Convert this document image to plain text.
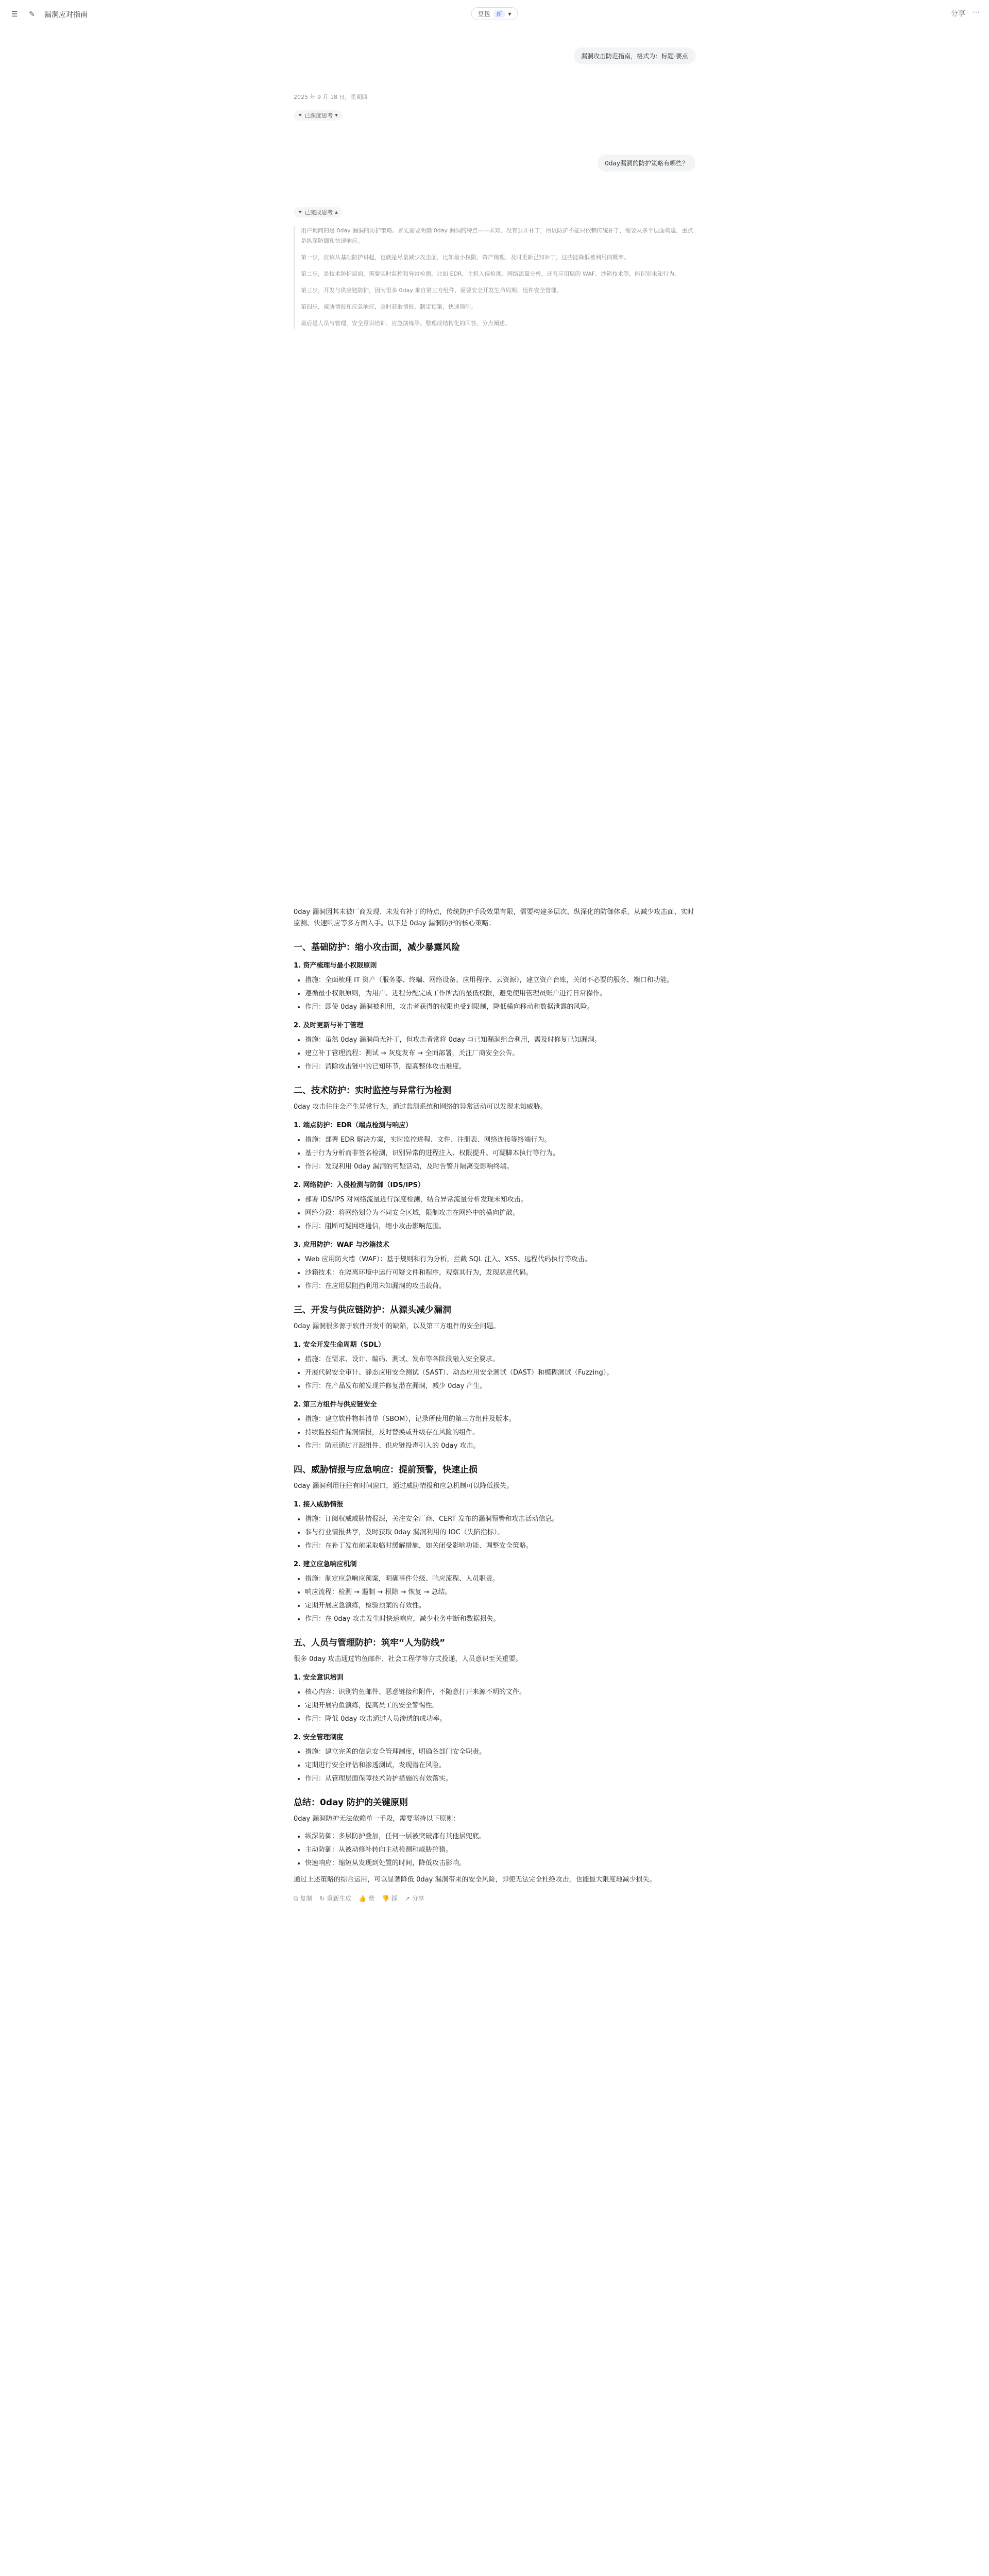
☰ ✎ 漏洞应对指南	豆包	新	▾	分享 ⋯
漏洞攻击防范指南，格式为：标题·要点
2025 年 9 月 18 日，星期四
✦ 已深度思考 ▾
0day漏洞的防护策略有哪些？
✦ 已完成思考 ▴

用户询问的是 0day 漏洞的防护策略。首先需要明确 0day 漏洞的特点——未知、没有公开补丁，所以防护不能只依赖传统补丁，需要从多个层面构建，重点是纵深防御和快速响应。

第一步，应该从基础防护讲起，也就是尽量减少攻击面，比如最小权限、资产梳理、及时更新已知补丁，这些能降低被利用的概率。

第二步，是技术防护层面，需要实时监控和异常检测，比如 EDR、主机入侵检测、网络流量分析，还有应用层的 WAF、沙箱技术等，能识别未知行为。

第三步，开发与供应链防护，因为很多 0day 来自第三方组件，需要安全开发生命周期、组件安全管理。

第四步，威胁情报和应急响应，及时获取情报、制定预案，快速遏制。

最后是人员与管理，安全意识培训、应急演练等。整理成结构化的回答，分点阐述。

0day 漏洞因其未被厂商发现、未发布补丁的特点，传统防护手段效果有限，需要构建多层次、纵深化的防御体系，从减少攻击面、实时监测、快速响应等多方面入手。以下是 0day 漏洞防护的核心策略：

一、基础防护：缩小攻击面，减少暴露风险
1. 资产梳理与最小权限原则
• 措施：全面梳理 IT 资产（服务器、终端、网络设备、应用程序、云资源），建立资产台账，关闭不必要的服务、端口和功能。
• 遵循最小权限原则，为用户、进程分配完成工作所需的最低权限，避免使用管理员账户进行日常操作。
• 作用：即使 0day 漏洞被利用，攻击者获得的权限也受到限制，降低横向移动和数据泄露的风险。
2. 及时更新与补丁管理
• 措施：虽然 0day 漏洞尚无补丁，但攻击者常将 0day 与已知漏洞组合利用，需及时修复已知漏洞。
• 建立补丁管理流程：测试 → 灰度发布 → 全面部署，关注厂商安全公告。
• 作用：消除攻击链中的已知环节，提高整体攻击难度。
二、技术防护：实时监控与异常行为检测

0day 攻击往往会产生异常行为，通过监测系统和网络的异常活动可以发现未知威胁。

1. 端点防护：EDR（端点检测与响应）
• 措施：部署 EDR 解决方案，实时监控进程、文件、注册表、网络连接等终端行为。
• 基于行为分析而非签名检测，识别异常的进程注入、权限提升、可疑脚本执行等行为。
• 作用：发现利用 0day 漏洞的可疑活动，及时告警并隔离受影响终端。
2. 网络防护：入侵检测与防御（IDS/IPS）
• 部署 IDS/IPS 对网络流量进行深度检测，结合异常流量分析发现未知攻击。
• 网络分段：将网络划分为不同安全区域，限制攻击在网络中的横向扩散。
• 作用：阻断可疑网络通信，缩小攻击影响范围。
3. 应用防护：WAF 与沙箱技术
• Web 应用防火墙（WAF）：基于规则和行为分析，拦截 SQL 注入、XSS、远程代码执行等攻击。
• 沙箱技术：在隔离环境中运行可疑文件和程序，观察其行为，发现恶意代码。
• 作用：在应用层阻挡利用未知漏洞的攻击载荷。
三、开发与供应链防护：从源头减少漏洞

0day 漏洞很多源于软件开发中的缺陷，以及第三方组件的安全问题。

1. 安全开发生命周期（SDL）
• 措施：在需求、设计、编码、测试、发布等各阶段融入安全要求。
• 开展代码安全审计、静态应用安全测试（SAST）、动态应用安全测试（DAST）和模糊测试（Fuzzing）。
• 作用：在产品发布前发现并修复潜在漏洞，减少 0day 产生。
2. 第三方组件与供应链安全
• 措施：建立软件物料清单（SBOM），记录所使用的第三方组件及版本。
• 持续监控组件漏洞情报，及时替换或升级存在风险的组件。
• 作用：防范通过开源组件、供应链投毒引入的 0day 攻击。
四、威胁情报与应急响应：提前预警，快速止损

0day 漏洞利用往往有时间窗口，通过威胁情报和应急机制可以降低损失。

1. 接入威胁情报
• 措施：订阅权威威胁情报源，关注安全厂商、CERT 发布的漏洞预警和攻击活动信息。
• 参与行业情报共享，及时获取 0day 漏洞利用的 IOC（失陷指标）。
• 作用：在补丁发布前采取临时缓解措施，如关闭受影响功能、调整安全策略。
2. 建立应急响应机制
• 措施：制定应急响应预案，明确事件分级、响应流程、人员职责。
• 响应流程：检测 → 遏制 → 根除 → 恢复 → 总结。
• 定期开展应急演练，检验预案的有效性。
• 作用：在 0day 攻击发生时快速响应，减少业务中断和数据损失。
五、人员与管理防护：筑牢“人为防线”

很多 0day 攻击通过钓鱼邮件、社会工程学等方式投递，人员意识至关重要。

1. 安全意识培训
• 核心内容：识别钓鱼邮件、恶意链接和附件，不随意打开来源不明的文件。
• 定期开展钓鱼演练，提高员工的安全警惕性。
• 作用：降低 0day 攻击通过人员渗透的成功率。
2. 安全管理制度
• 措施：建立完善的信息安全管理制度，明确各部门安全职责。
• 定期进行安全评估和渗透测试，发现潜在风险。
• 作用：从管理层面保障技术防护措施的有效落实。
总结：0day 防护的关键原则

0day 漏洞防护无法依赖单一手段，需要坚持以下原则：

• 纵深防御：多层防护叠加，任何一层被突破都有其他层兜底。
• 主动防御：从被动修补转向主动检测和威胁狩猎。
• 快速响应：缩短从发现到处置的时间，降低攻击影响。

通过上述策略的综合运用，可以显著降低 0day 漏洞带来的安全风险，即使无法完全杜绝攻击，也能最大限度地减少损失。

⧉ 复制 ↻ 重新生成 👍 赞 👎 踩 ↗ 分享
